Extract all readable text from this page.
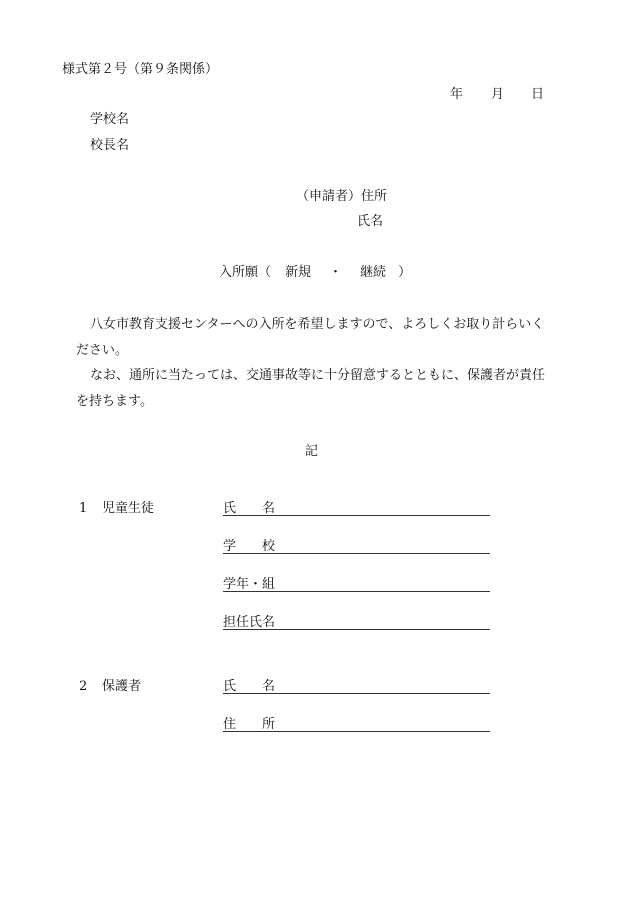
様式第２号（第９条関係）
年 月 日
学校名
校長名
（申請者）住所
氏名
入所願（ 新規 ・ 継続 ）
八女市教育支援センターへの入所を希望しますので、よろしくお取り計らいく
ださい。
なお、通所に当たっては、交通事故等に十分留意するとともに、保護者が責任
を持ちます。
記
1 児童生徒	氏 名
学 校
学年・組
担任氏名
2 保護者	氏 名
住 所
